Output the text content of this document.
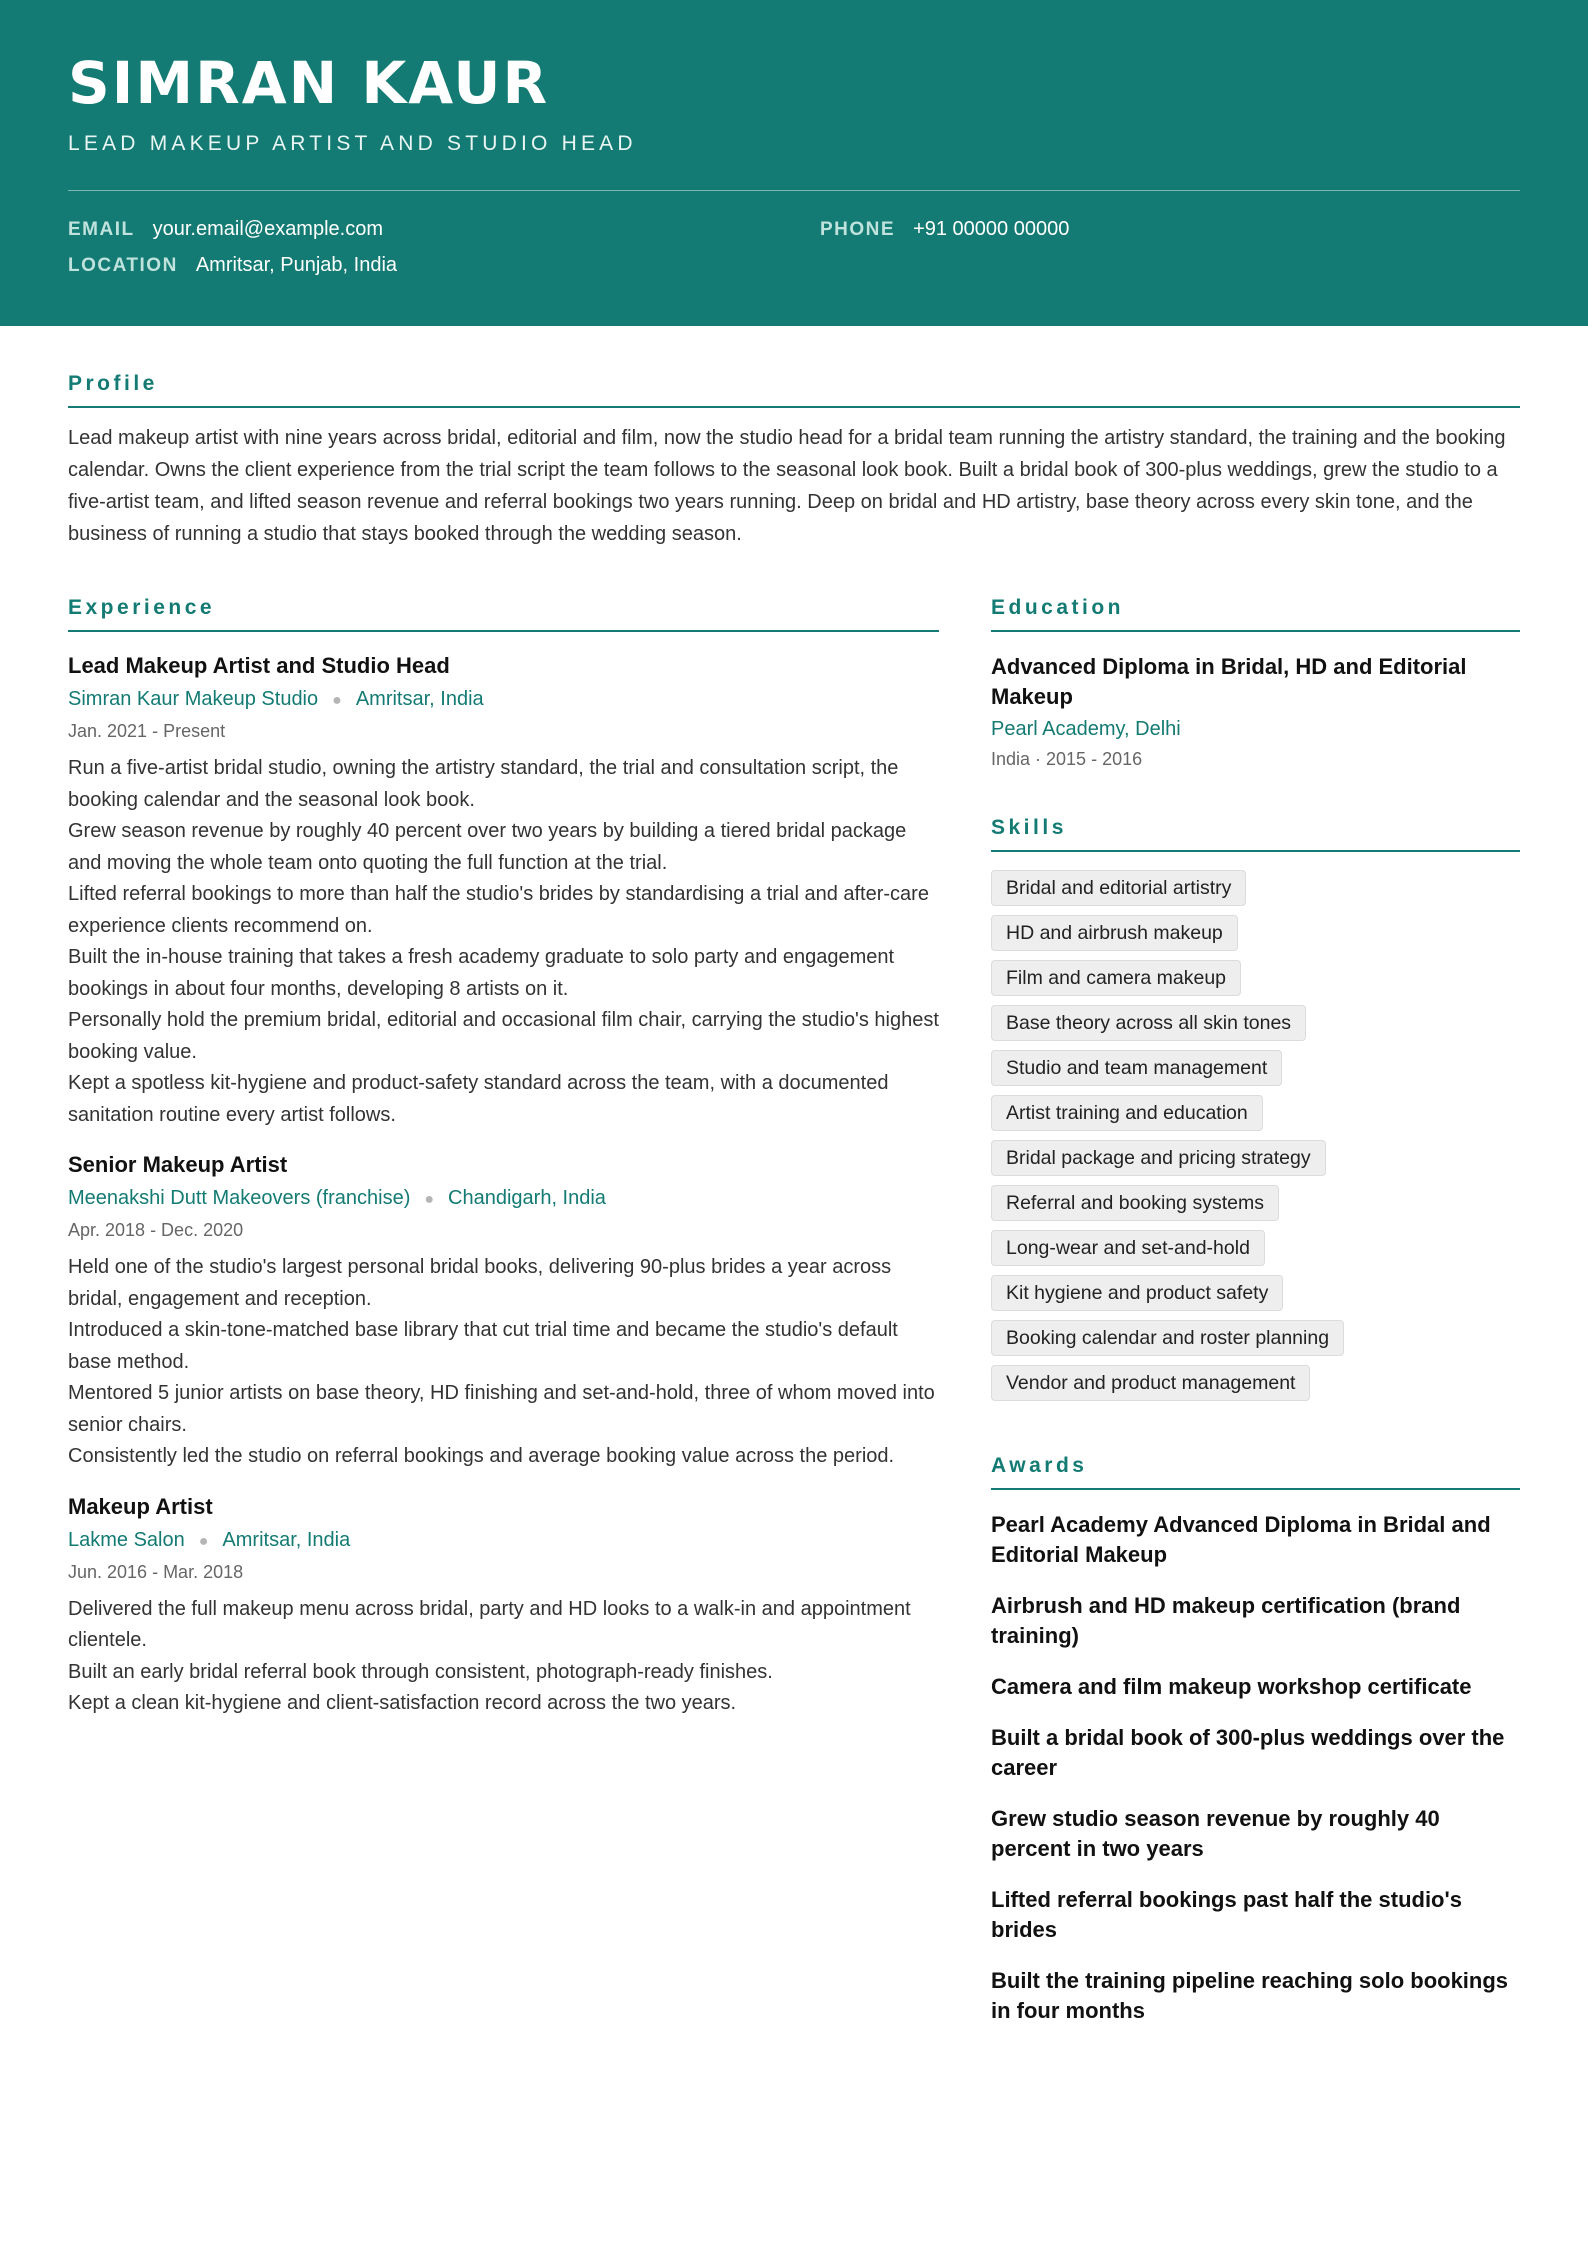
SIMRAN KAUR
LEAD MAKEUP ARTIST AND STUDIO HEAD
EMAIL your.email@example.com	PHONE +91 00000 00000
LOCATION Amritsar, Punjab, India
Profile

Lead makeup artist with nine years across bridal, editorial and film, now the studio head for a bridal team running the artistry standard, the training and the booking calendar. Owns the client experience from the trial script the team follows to the seasonal look book. Built a bridal book of 300-plus weddings, grew the studio to a five-artist team, and lifted season revenue and referral bookings two years running. Deep on bridal and HD artistry, base theory across every skin tone, and the business of running a studio that stays booked through the wedding season.

Experience
Lead Makeup Artist and Studio Head
Simran Kaur Makeup Studio ● Amritsar, India
Jan. 2021 - Present
Run a five-artist bridal studio, owning the artistry standard, the trial and consultation script, the booking calendar and the seasonal look book.
Grew season revenue by roughly 40 percent over two years by building a tiered bridal package and moving the whole team onto quoting the full function at the trial.
Lifted referral bookings to more than half the studio's brides by standardising a trial and after-care experience clients recommend on.
Built the in-house training that takes a fresh academy graduate to solo party and engagement bookings in about four months, developing 8 artists on it.
Personally hold the premium bridal, editorial and occasional film chair, carrying the studio's highest booking value.
Kept a spotless kit-hygiene and product-safety standard across the team, with a documented sanitation routine every artist follows.
Senior Makeup Artist
Meenakshi Dutt Makeovers (franchise) ● Chandigarh, India
Apr. 2018 - Dec. 2020
Held one of the studio's largest personal bridal books, delivering 90-plus brides a year across bridal, engagement and reception.
Introduced a skin-tone-matched base library that cut trial time and became the studio's default base method.
Mentored 5 junior artists on base theory, HD finishing and set-and-hold, three of whom moved into senior chairs.
Consistently led the studio on referral bookings and average booking value across the period.
Makeup Artist
Lakme Salon ● Amritsar, India
Jun. 2016 - Mar. 2018
Delivered the full makeup menu across bridal, party and HD looks to a walk-in and appointment clientele.
Built an early bridal referral book through consistent, photograph-ready finishes.
Kept a clean kit-hygiene and client-satisfaction record across the two years.
Education
Advanced Diploma in Bridal, HD and Editorial Makeup
Pearl Academy, Delhi
India · 2015 - 2016
Skills
Bridal and editorial artistry
HD and airbrush makeup
Film and camera makeup
Base theory across all skin tones
Studio and team management
Artist training and education
Bridal package and pricing strategy
Referral and booking systems
Long-wear and set-and-hold
Kit hygiene and product safety
Booking calendar and roster planning
Vendor and product management
Awards
Pearl Academy Advanced Diploma in Bridal and Editorial Makeup
Airbrush and HD makeup certification (brand training)
Camera and film makeup workshop certificate
Built a bridal book of 300-plus weddings over the career
Grew studio season revenue by roughly 40 percent in two years
Lifted referral bookings past half the studio's brides
Built the training pipeline reaching solo bookings in four months
